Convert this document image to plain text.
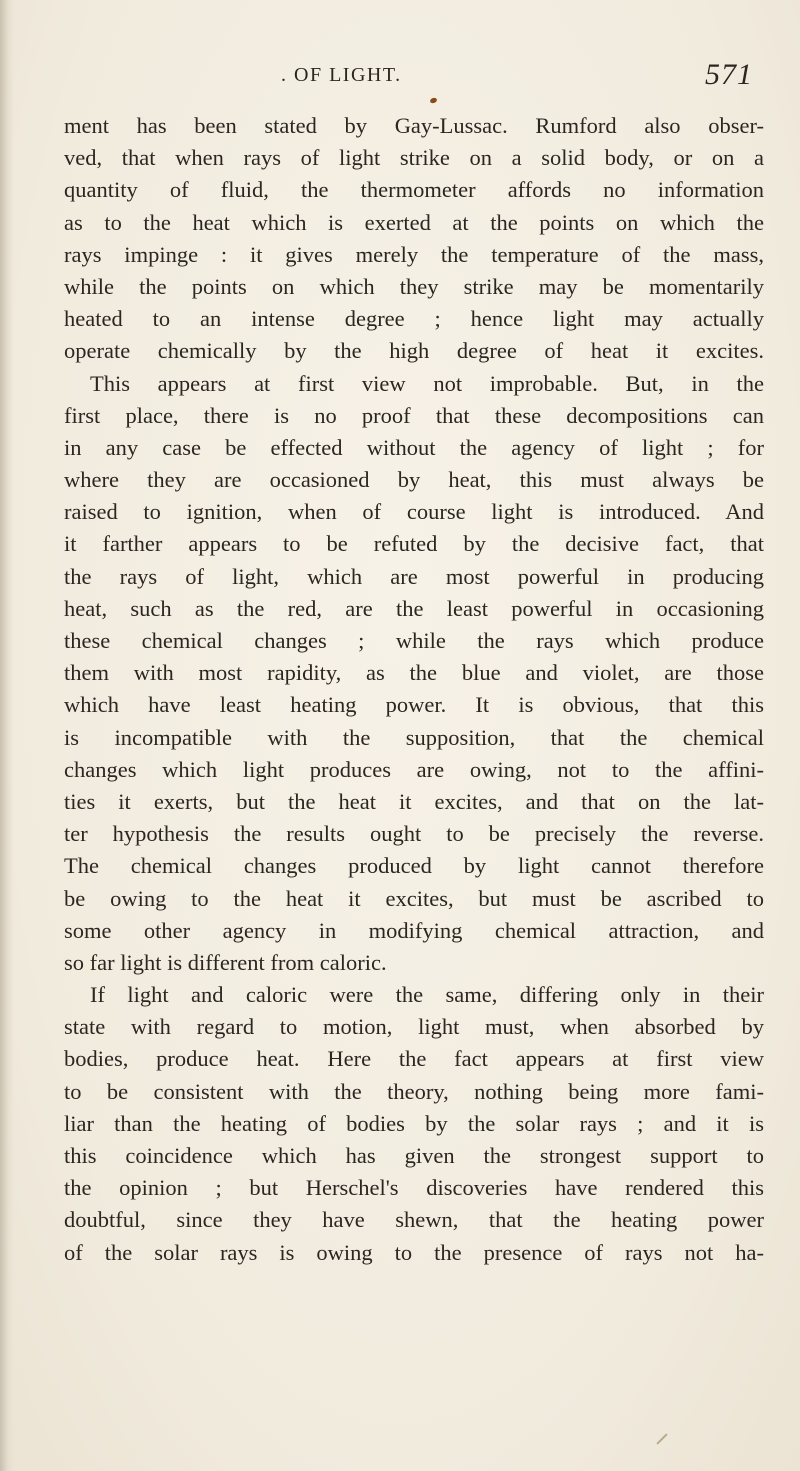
. OF LIGHT.	571
ment has been stated by Gay-Lussac. Rumford also obser-
ved, that when rays of light strike on a solid body, or on a
quantity of fluid, the thermometer affords no information
as to the heat which is exerted at the points on which the
rays impinge : it gives merely the temperature of the mass,
while the points on which they strike may be momentarily
heated to an intense degree ; hence light may actually
operate chemically by the high degree of heat it excites.
This appears at first view not improbable. But, in the
first place, there is no proof that these decompositions can
in any case be effected without the agency of light ; for
where they are occasioned by heat, this must always be
raised to ignition, when of course light is introduced. And
it farther appears to be refuted by the decisive fact, that
the rays of light, which are most powerful in producing
heat, such as the red, are the least powerful in occasioning
these chemical changes ; while the rays which produce
them with most rapidity, as the blue and violet, are those
which have least heating power. It is obvious, that this
is incompatible with the supposition, that the chemical
changes which light produces are owing, not to the affini-
ties it exerts, but the heat it excites, and that on the lat-
ter hypothesis the results ought to be precisely the reverse.
The chemical changes produced by light cannot therefore
be owing to the heat it excites, but must be ascribed to
some other agency in modifying chemical attraction, and
so far light is different from caloric.
If light and caloric were the same, differing only in their
state with regard to motion, light must, when absorbed by
bodies, produce heat. Here the fact appears at first view
to be consistent with the theory, nothing being more fami-
liar than the heating of bodies by the solar rays ; and it is
this coincidence which has given the strongest support to
the opinion ; but Herschel's discoveries have rendered this
doubtful, since they have shewn, that the heating power
of the solar rays is owing to the presence of rays not ha-
